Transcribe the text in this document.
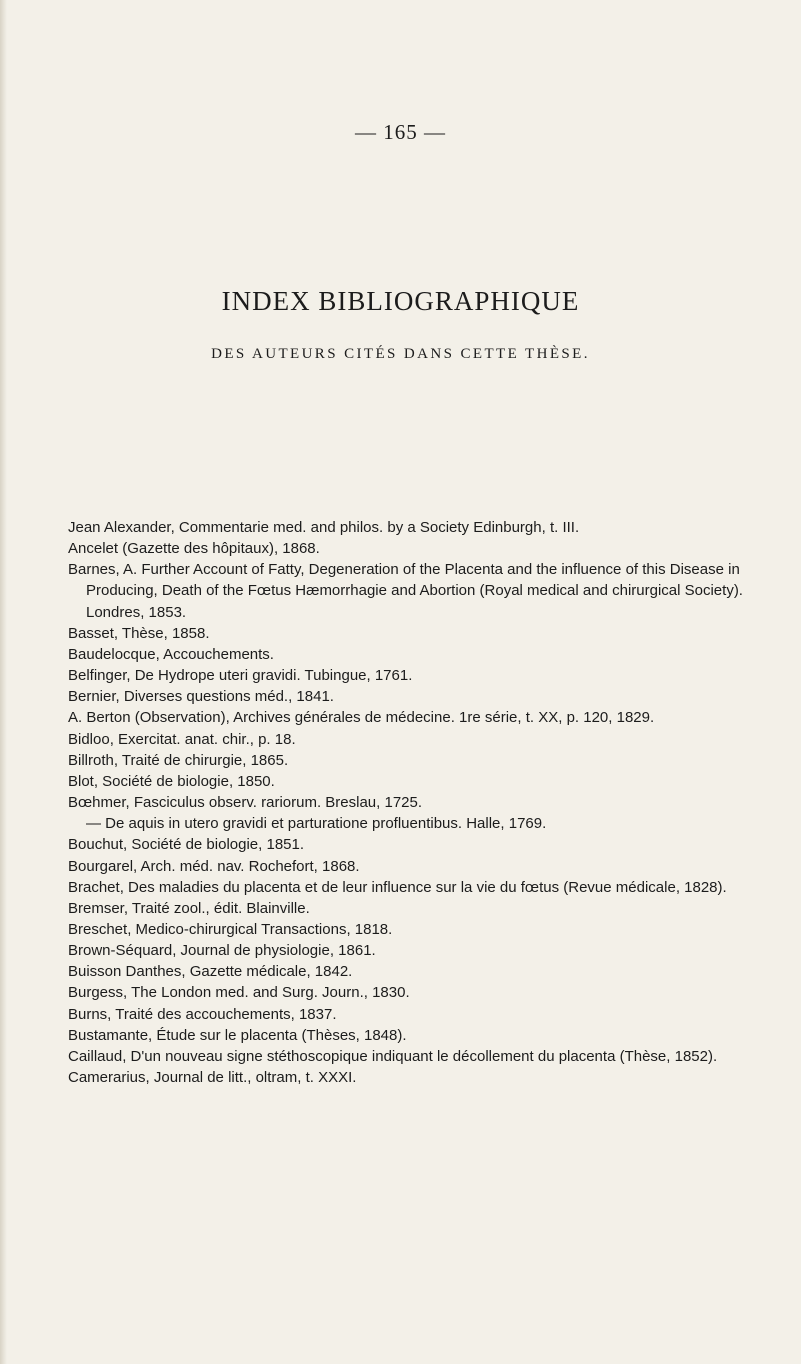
— 165 —
INDEX BIBLIOGRAPHIQUE
DES AUTEURS CITÉS DANS CETTE THÈSE.
Jean Alexander, Commentarie med. and philos. by a Society Edinburgh, t. III.
Ancelet (Gazette des hôpitaux), 1868.
Barnes, A. Further Account of Fatty, Degeneration of the Placenta and the influence of this Disease in Producing, Death of the Fœtus Hæmorrhagie and Abortion (Royal medical and chirurgical Society). Londres, 1853.
Basset, Thèse, 1858.
Baudelocque, Accouchements.
Belfinger, De Hydrope uteri gravidi. Tubingue, 1761.
Bernier, Diverses questions méd., 1841.
A. Berton (Observation), Archives générales de médecine. 1re série, t. XX, p. 120, 1829.
Bidloo, Exercitat. anat. chir., p. 18.
Billroth, Traité de chirurgie, 1865.
Blot, Société de biologie, 1850.
Bœhmer, Fasciculus observ. rariorum. Breslau, 1725.
— De aquis in utero gravidi et parturatione profluentibus. Halle, 1769.
Bouchut, Société de biologie, 1851.
Bourgarel, Arch. méd. nav. Rochefort, 1868.
Brachet, Des maladies du placenta et de leur influence sur la vie du fœtus (Revue médicale, 1828).
Bremser, Traité zool., édit. Blainville.
Breschet, Medico-chirurgical Transactions, 1818.
Brown-Séquard, Journal de physiologie, 1861.
Buisson Danthes, Gazette médicale, 1842.
Burgess, The London med. and Surg. Journ., 1830.
Burns, Traité des accouchements, 1837.
Bustamante, Étude sur le placenta (Thèses, 1848).
Caillaud, D'un nouveau signe stéthoscopique indiquant le décollement du placenta (Thèse, 1852).
Camerarius, Journal de litt., oltram, t. XXXI.
